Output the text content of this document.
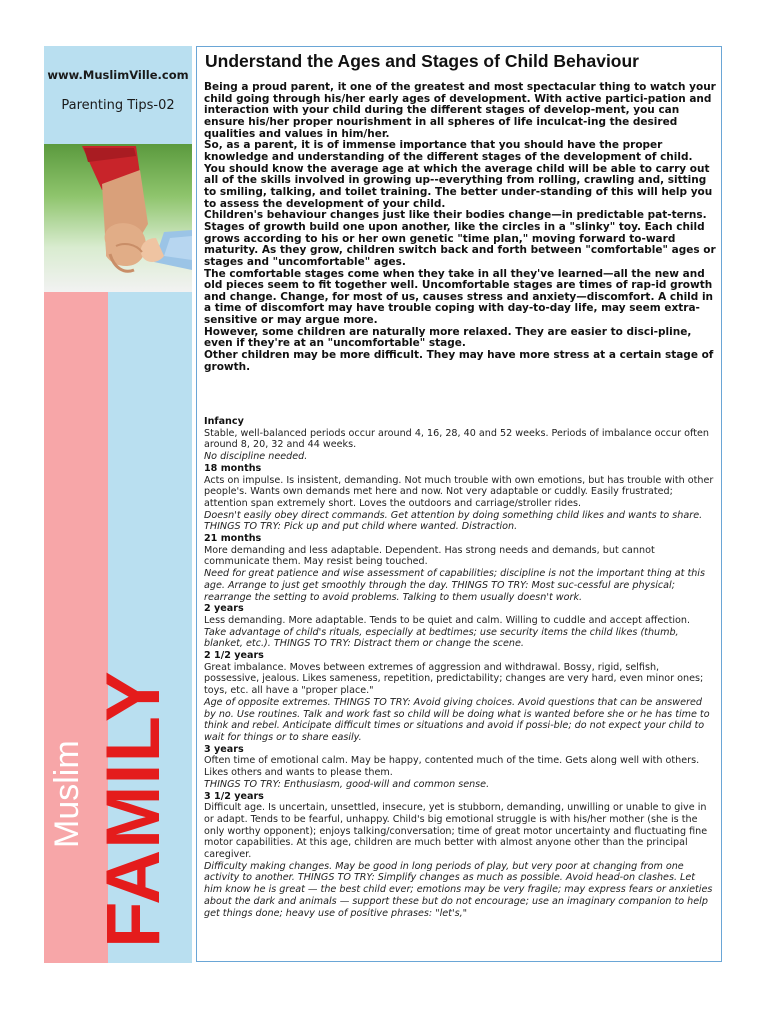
www.MuslimVille.com
Parenting Tips-02
Muslim FAMILY
Understand the Ages and Stages of Child Behaviour

Being a proud parent, it one of the greatest and most spectacular thing to watch your child going through his/her early ages of development. With active partici-pation and interaction with your child during the different stages of develop-ment, you can ensure his/her proper nourishment in all spheres of life inculcat-ing the desired qualities and values in him/her.

So, as a parent, it is of immense importance that you should have the proper knowledge and understanding of the different stages of the development of child. You should know the average age at which the average child will be able to carry out all of the skills involved in growing up--everything from rolling, crawling and, sitting to smiling, talking, and toilet training. The better under-standing of this will help you to assess the development of your child.

Children's behaviour changes just like their bodies change—in predictable pat-terns.

Stages of growth build one upon another, like the circles in a "slinky" toy. Each child grows according to his or her own genetic "time plan," moving forward to-ward maturity. As they grow, children switch back and forth between "comfortable" ages or stages and "uncomfortable" ages.

The comfortable stages come when they take in all they've learned—all the new and old pieces seem to fit together well. Uncomfortable stages are times of rap-id growth and change. Change, for most of us, causes stress and anxiety—discomfort. A child in a time of discomfort may have trouble coping with day-to-day life, may seem extra-sensitive or may argue more.

However, some children are naturally more relaxed. They are easier to disci-pline, even if they're at an "uncomfortable" stage.

Other children may be more difficult. They may have more stress at a certain stage of growth.

Infancy

Stable, well-balanced periods occur around 4, 16, 28, 40 and 52 weeks. Periods of imbalance occur often around 8, 20, 32 and 44 weeks.

No discipline needed.

18 months

Acts on impulse. Is insistent, demanding. Not much trouble with own emotions, but has trouble with other people's. Wants own demands met here and now. Not very adaptable or cuddly. Easily frustrated; attention span extremely short. Loves the outdoors and carriage/stroller rides.

Doesn't easily obey direct commands. Get attention by doing something child likes and wants to share. THINGS TO TRY: Pick up and put child where wanted. Distraction.

21 months

More demanding and less adaptable. Dependent. Has strong needs and demands, but cannot communicate them. May resist being touched.

Need for great patience and wise assessment of capabilities; discipline is not the important thing at this age. Arrange to just get smoothly through the day. THINGS TO TRY: Most suc-cessful are physical; rearrange the setting to avoid problems. Talking to them usually doesn't work.

2 years

Less demanding. More adaptable. Tends to be quiet and calm. Willing to cuddle and accept affection.

Take advantage of child's rituals, especially at bedtimes; use security items the child likes (thumb, blanket, etc.). THINGS TO TRY: Distract them or change the scene.

2 1/2 years

Great imbalance. Moves between extremes of aggression and withdrawal. Bossy, rigid, selfish, possessive, jealous. Likes sameness, repetition, predictability; changes are very hard, even minor ones; toys, etc. all have a "proper place."

Age of opposite extremes. THINGS TO TRY: Avoid giving choices. Avoid questions that can be answered by no. Use routines. Talk and work fast so child will be doing what is wanted before she or he has time to think and rebel. Anticipate difficult times or situations and avoid if possi-ble; do not expect your child to wait for things or to share easily.

3 years

Often time of emotional calm. May be happy, contented much of the time. Gets along well with others. Likes others and wants to please them.

THINGS TO TRY: Enthusiasm, good-will and common sense.

3 1/2 years

Difficult age. Is uncertain, unsettled, insecure, yet is stubborn, demanding, unwilling or unable to give in or adapt. Tends to be fearful, unhappy. Child's big emotional struggle is with his/her mother (she is the only worthy opponent); enjoys talking/conversation; time of great motor uncertainty and fluctuating fine motor capabilities. At this age, children are much better with almost anyone other than the principal caregiver.

Difficulty making changes. May be good in long periods of play, but very poor at changing from one activity to another. THINGS TO TRY: Simplify changes as much as possible. Avoid head-on clashes. Let him know he is great — the best child ever; emotions may be very fragile; may express fears or anxieties about the dark and animals — support these but do not encourage; use an imaginary companion to help get things done; heavy use of positive phrases: "let's,"
